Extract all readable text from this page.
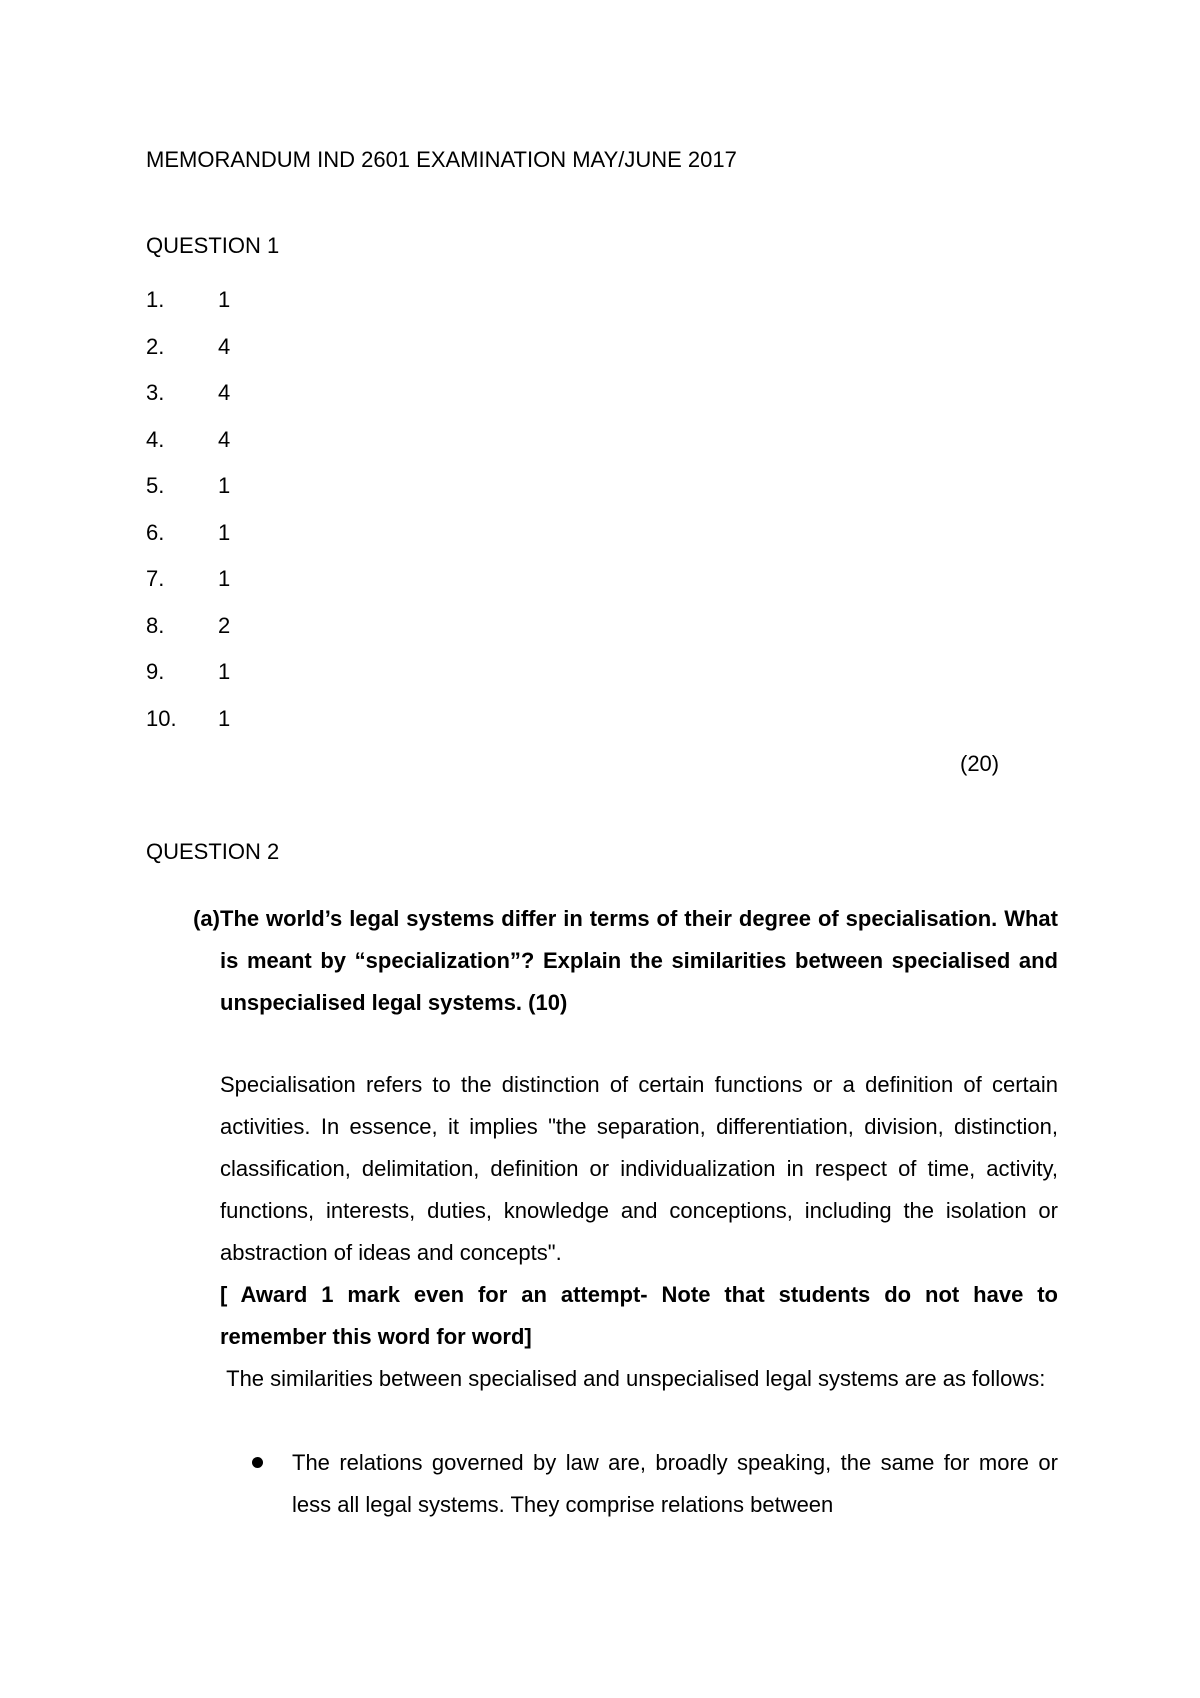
MEMORANDUM IND 2601 EXAMINATION MAY/JUNE 2017
QUESTION 1
1.	1
2.	4
3.	4
4.	4
5.	1
6.	1
7.	1
8.	2
9.	1
10.	1
(20)
QUESTION 2
(a) The world’s legal systems differ in terms of their degree of specialisation. What is meant by “specialization”? Explain the similarities between specialised and unspecialised legal systems. (10)

Specialisation refers to the distinction of certain functions or a definition of certain activities. In essence, it implies "the separation, differentiation, division, distinction, classification, delimitation, definition or individualization in respect of time, activity, functions, interests, duties, knowledge and conceptions, including the isolation or abstraction of ideas and concepts".

[ Award 1 mark even for an attempt- Note that students do not have to remember this word for word]

The similarities between specialised and unspecialised legal systems are as follows:

The relations governed by law are, broadly speaking, the same for more or less all legal systems. They comprise relations between
